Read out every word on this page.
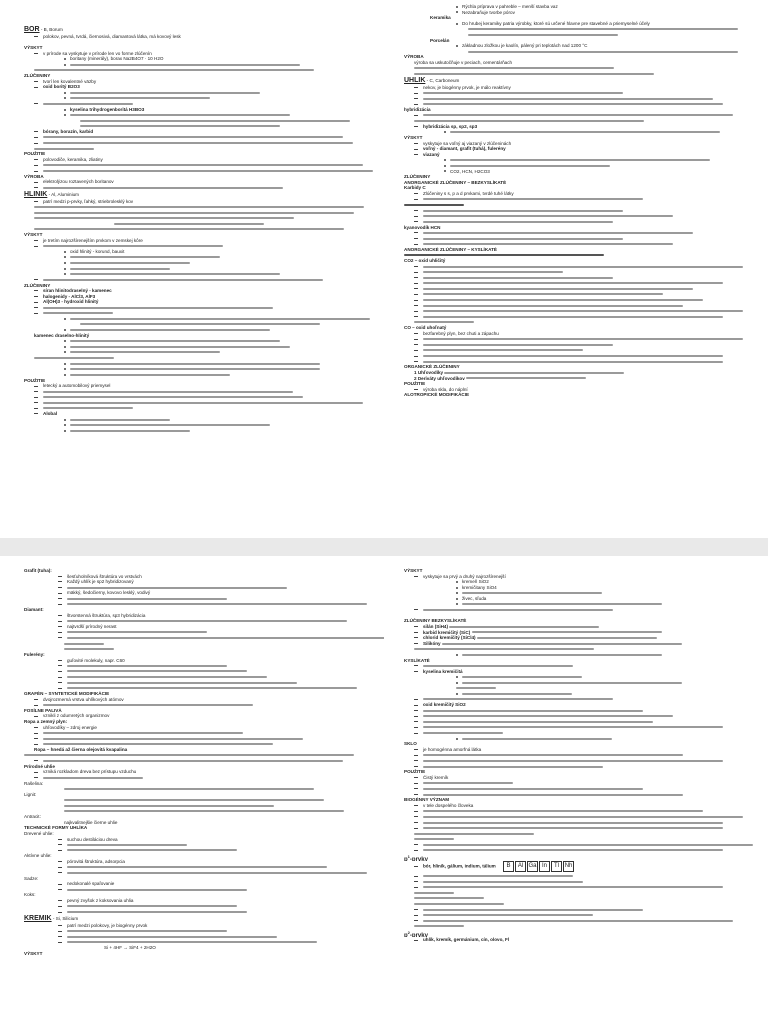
BÓR - B, Borum
polokov, pevná, tvrdá, čiernosivá, diamantová látka, má kovový lesk
VÝSKYT
v prírode sa vyskytuje v prírode len vo forme zlúčenín
boritany (minerály), borax Na2B4O7 · 10 H2O
ZLÚČENINY
tvorí len kovalentné väzby
oxid boritý B2O3
kyselina trihydrogenboritá H3BO3
bórany, borazín, karbid
POUŽITIE
polovodiče, keramika, zliatiny
VÝROBA
elektrolýzou roztavených boritanov
HLINÍK - Al, Aluminium
patrí medzi p-prvky, ľahký, striebrolesklý kov
VÝSKYT
je tretím najrozšírenejším prvkom v zemskej kôre
oxid hlinitý - korund, bauxit
ZLÚČENINY
síran hlinitodraselný - kamenec
halogenidy - AlCl3, AlF3
Al(OH)3 - hydroxid hlinitý
kamenec draselno-hlinitý
POUŽITIE
letecký a automobilový priemysel
Alobal
Rýchla príprava v pahreble – menší stavba vaz
Nezabraňuje tvorbe pórov
Keramika
Do hrubej keramiky patria výrobky, ktoré sú určené hlavne pre stavebné a priemyselné účely
Porcelán
základnou zložkou je kaolín, pálený pri teplotách nad 1200 °C
VÝROBA
výroba sa uskutočňuje v peciach, cementárňach
UHLÍK - C, Carboneum
nekov, je biogénny prvok, je málo reaktívny
hybridizácia
hybridizácia sp, sp2, sp3
VÝSKYT
vyskytuje sa voľný aj viazaný v zlúčeninách
voľný - diamant, grafit (tuhá), fulerény
viazaný
CO2, HCN, H2CO3
ZLÚČENINY
ANORGANICKÉ ZLÚČENINY – BEZKYSLÍKATÉ
Karbidy C
Zlúčeniny s s, p a d prvkami, tvrdé tuhé látky
kyanovodík HCN
ANORGANICKÉ ZLÚČENINY – KYSLÍKATÉ
CO2 – oxid uhličitý
CO – oxid uhoľnatý
bezfarebný plyn, bez chuti a zápachu
ORGANICKÉ ZLÚČENINY
1 Uhľovodíky
2 Deriváty uhľovodíkov
POUŽITIE
výroba skla, do náplní
ALOTROPICKÉ MODIFIKÁCIE
Grafit (tuha):
šesťuholníková štruktúra vo vrstvách
Každý uhlík je sp2 hybridizovaný
mäkký, šedočierny, kovovo lesklý, vodivý
Diamant:
štvorstenná štruktúra, sp3 hybridizácia
najtvrdší prírodný nerast
Fulerény:
guľovité molekuly, napr. C60
GRAFÉN – SYNTETICKÉ MODIFIKÁCIE
dvojrozmerná vrstva uhlíkových atómov
FOSÍLNE PALIVÁ
vznikli z odumretých organizmov
Ropa a zemný plyn:
uhľovodíky – zdroj energie
Ropa – hnedá až čierna olejovitá kvapalina
Prírodné uhlie
vzniká rozkladom dreva bez prístupu vzduchu
Rašelina:
Lignit:
Antracit:
najkvalitnejšie čierne uhlie
TECHNICKÉ FORMY UHLÍKA
Drevené uhlie:
suchou destiláciou dreva
Aktívne uhlie:
pórovitá štruktúra, adsorpcia
Sadze:
nedokonalé spaľovanie
Koks:
pevný zvyšok z koksovania uhlia
KREMÍK - Si, Silicium
patrí medzi polokovy, je biogénny prvok
Si + 4HF → SiF4 + 2H2O
VÝSKYT
VÝSKYT
vyskytuje sa prvý a druhý najrozšírenejší
kremeň SiO2
kremičitany SiO4
živec, sľuda
ZLÚČENINY BEZKYSLÍKATÉ
silán (SiH4)
karbid kremičitý (SiC)
chlorid kremičitý (SiCl4)
Silikóny
KYSLÍKATÉ
kyselina kremičitá
oxid kremičitý SiO2
SKLO
je homogénna amorfná látka
POUŽITIE
Čistý kremík
BIOGÉNNY VÝZNAM
v tele dospelého človeka
$p^1$-prvky
bór, hliník, gálium, indium, tálium B Al Ga In Tl Nh
$p^2$-prvky
uhlík, kremík, germánium, cín, olovo, Fl
